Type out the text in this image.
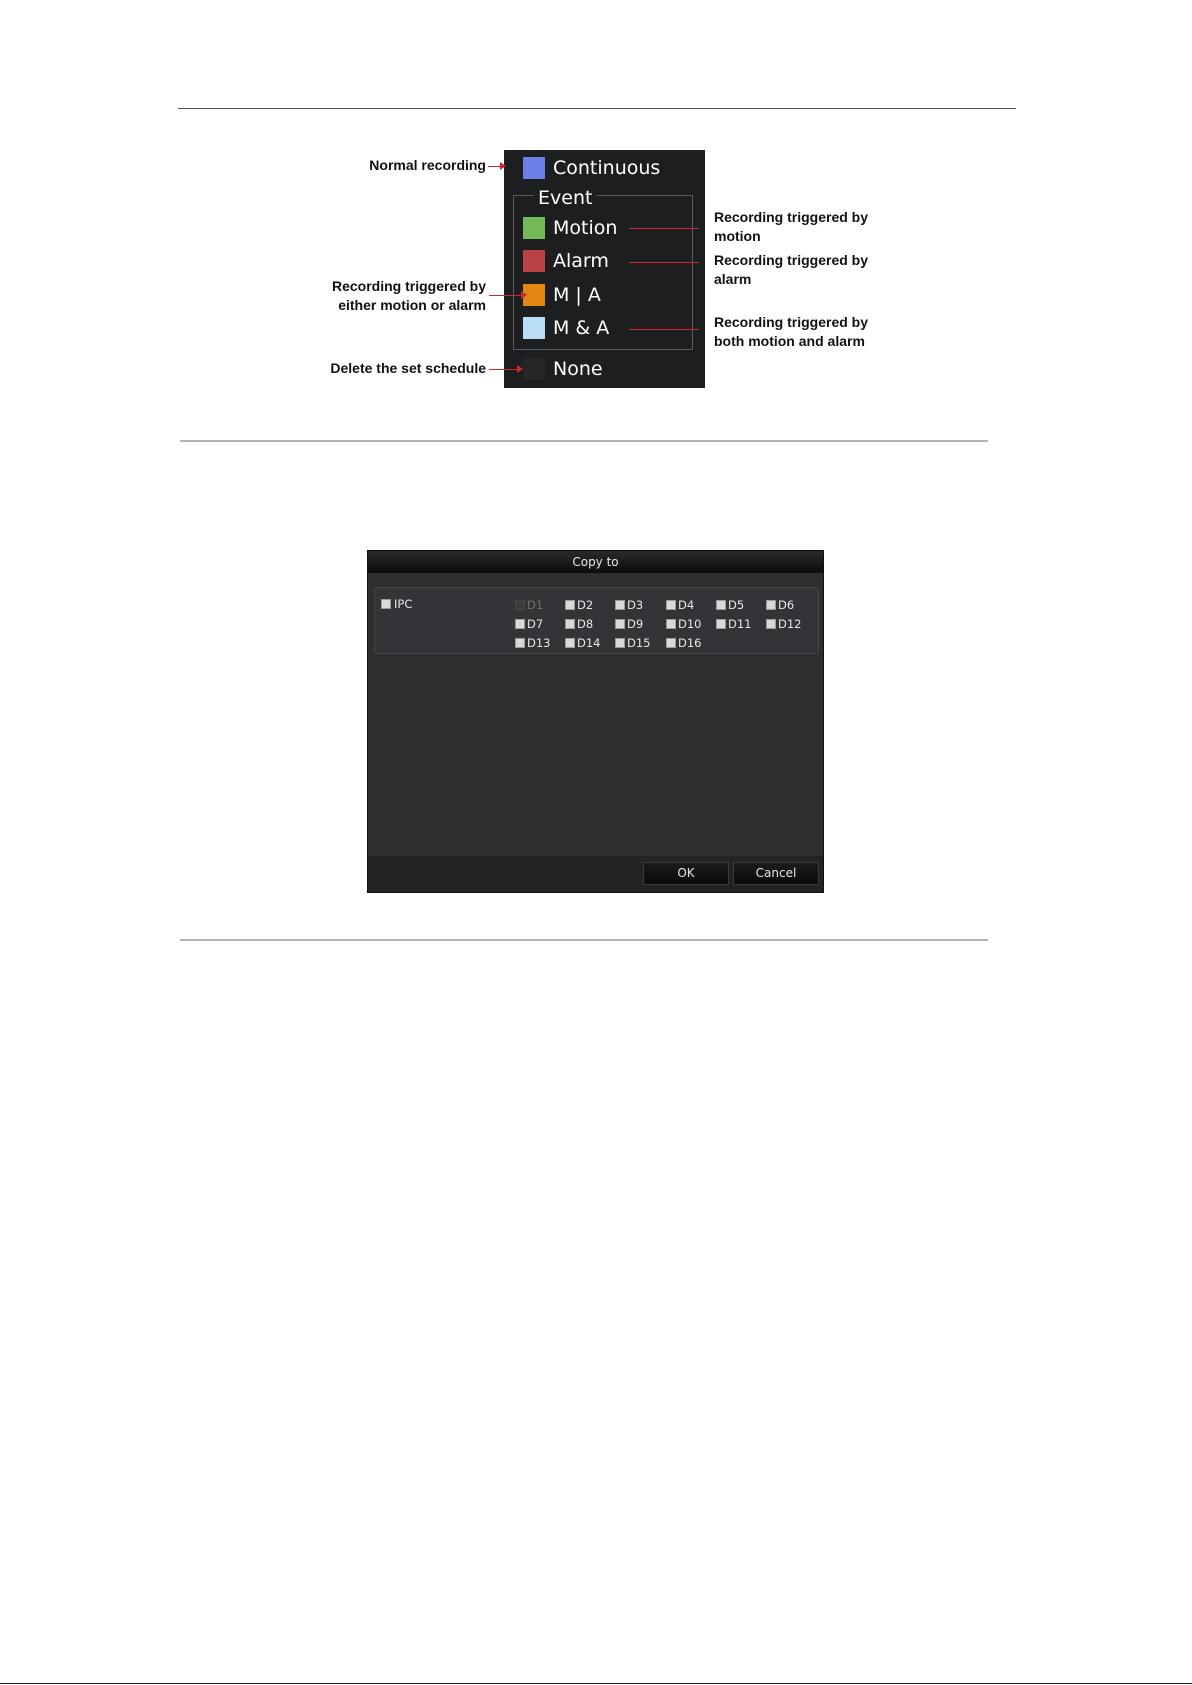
Event
Continuous
Motion
Alarm
M | A
M & A
None
Normal recording
Recording triggered by
either motion or alarm
Delete the set schedule
Recording triggered by
motion
Recording triggered by
alarm
Recording triggered by
both motion and alarm
Copy to
IPC	D1	D2	D3	D4	D5	D6
D7	D8	D9	D10 D11 D12
D13 D14 D15 D16
OK	Cancel
